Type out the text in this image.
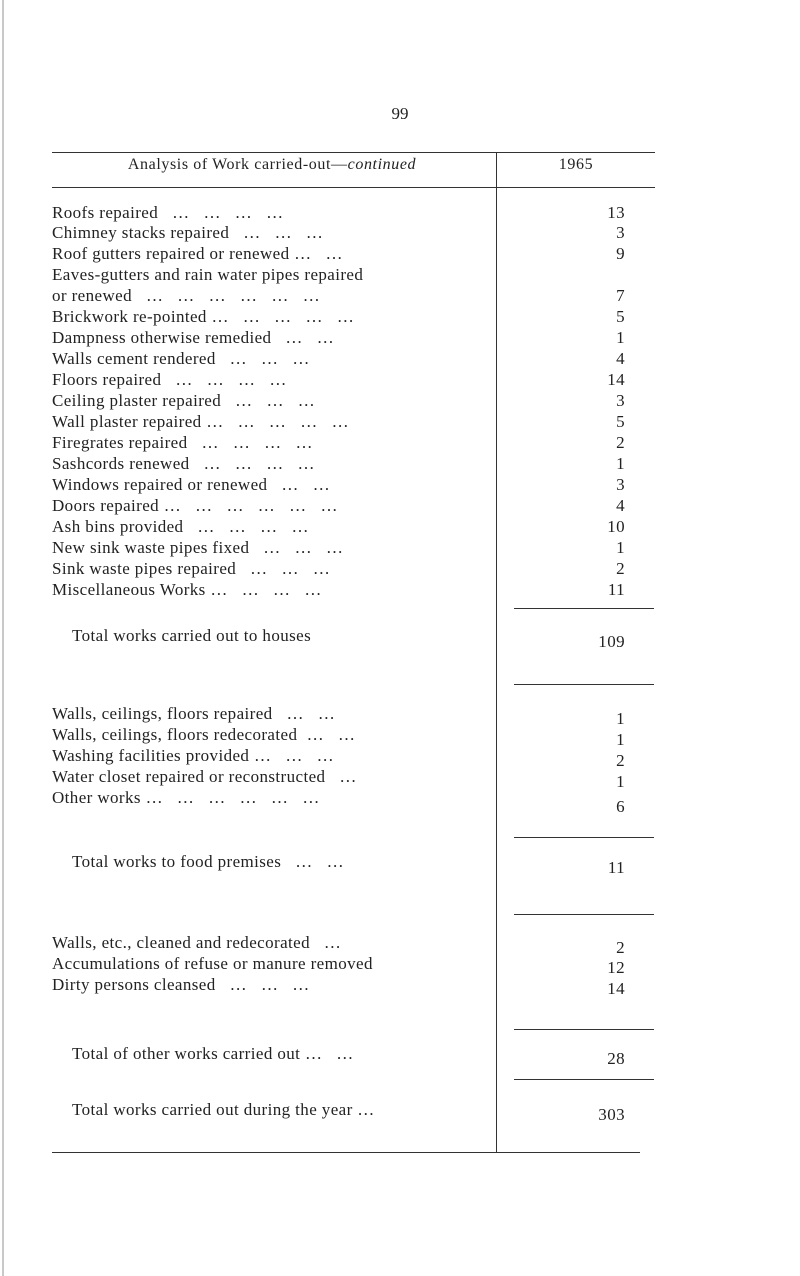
99
Analysis of Work carried-out—continued	1965
Roofs repaired   …   …   …   …	13
Chimney stacks repaired   …   …   …	3
Roof gutters repaired or renewed …   …	9
Eaves-gutters and rain water pipes repaired
or renewed   …   …   …   …   …   …	7
Brickwork re-pointed …   …   …   …   …	5
Dampness otherwise remedied   …   …	1
Walls cement rendered   …   …   …	4
Floors repaired   …   …   …   …	14
Ceiling plaster repaired   …   …   …	3
Wall plaster repaired …   …   …   …   …	5
Firegrates repaired   …   …   …   …	2
Sashcords renewed   …   …   …   …	1
Windows repaired or renewed   …   …	3
Doors repaired …   …   …   …   …   …	4
Ash bins provided   …   …   …   …	10
New sink waste pipes fixed   …   …   …	1
Sink waste pipes repaired   …   …   …	2
Miscellaneous Works …   …   …   …	11
Total works carried out to houses	109
Walls, ceilings, floors repaired   …   …	1
Walls, ceilings, floors redecorated  …   …	1
Washing facilities provided …   …   …	2
Water closet repaired or reconstructed   …	1
Other works …   …   …   …   …   …	6
Total works to food premises   …   …	11
Walls, etc., cleaned and redecorated   …	2
Accumulations of refuse or manure removed	12
Dirty persons cleansed   …   …   …	14
Total of other works carried out …   …	28
Total works carried out during the year …	303
